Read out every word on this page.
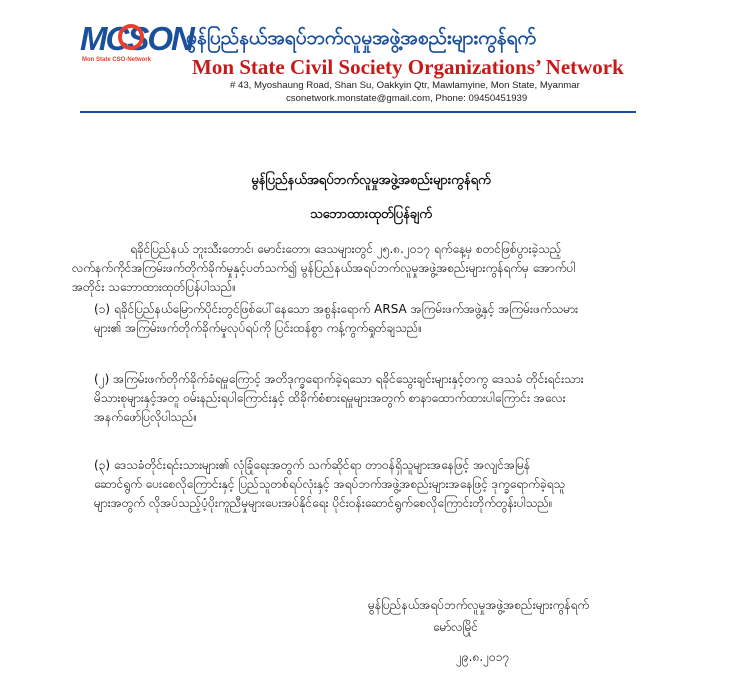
MCSON
Mon State CSO-Network
မွန်ပြည်နယ်အရပ်ဘက်လူမှုအဖွဲ့အစည်းများကွန်ရက်
Mon State Civil Society Organizations’ Network
# 43, Myoshaung Road, Shan Su, Oakkyin Qtr, Mawlamyine, Mon State, Myanmar
csonetwork.monstate@gmail.com, Phone: 09450451939
မွန်ပြည်နယ်အရပ်ဘက်လူမှုအဖွဲ့အစည်းများကွန်ရက်
သဘောထားထုတ်ပြန်ချက်
ရခိုင်ပြည်နယ် ဘူးသီးတောင်၊ မောင်းတော၊ ဒေသများတွင် ၂၅.၈.၂၀၁၇ ရက်နေ့မှ စတင်ဖြစ်ပွားခဲ့သည့်
လက်နက်ကိုင်အကြမ်းဖက်တိုက်ခိုက်မှုနှင့်ပတ်သက်၍ မွန်ပြည်နယ်အရပ်ဘက်လူမှုအဖွဲ့အစည်းများကွန်ရက်မှ အောက်ပါ
အတိုင်း သဘောထားထုတ်ပြန်ပါသည်။
(၁) ရခိုင်ပြည်နယ်မြောက်ပိုင်းတွင်ဖြစ်ပေါ်နေသော အစွန်းရောက် ARSA အကြမ်းဖက်အဖွဲ့နှင့် အကြမ်းဖက်သမား
များ၏ အကြမ်းဖက်တိုက်ခိုက်မှုလုပ်ရပ်ကို ပြင်းထန်စွာ ကန့်ကွက်ရှုတ်ချသည်။
(၂) အကြမ်းဖက်တိုက်ခိုက်ခံရမှုကြောင့် အတိဒုက္ခရောက်ခဲ့ရသော ရခိုင်သွေးချင်းများနှင့်တကွ ဒေသခံ တိုင်းရင်းသား
မိသားစုများနှင့်အတူ ဝမ်းနည်းရပါကြောင်းနှင့် ထိခိုက်စံစားရမှုများအတွက် စာနာထောက်ထားပါကြောင်း အလေး
အနက်ဖော်ပြလိုပါသည်။
(၃) ဒေသခံတိုင်းရင်းသားများ၏ လုံခြုံရေးအတွက် သက်ဆိုင်ရာ တာဝန်ရှိသူများအနေဖြင့် အလျင်အမြန်
ဆောင်ရွက် ပေးစေလိုကြောင်းနှင့် ပြည်သူတစ်ရပ်လုံးနှင့် အရပ်ဘက်အဖွဲ့အစည်းများအနေဖြင့် ဒုက္ခရောက်ခဲ့ရသူ
များအတွက် လိုအပ်သည့်ပံ့ပိုးကူညီမှုများပေးအပ်နိုင်ရေး ပိုင်းဝန်းဆောင်ရွက်စေလိုကြောင်းတိုက်တွန်းပါသည်။
မွန်ပြည်နယ်အရပ်ဘက်လူမှုအဖွဲ့အစည်းများကွန်ရက်
မော်လမြိုင်
၂၉.၈.၂၀၁၇
